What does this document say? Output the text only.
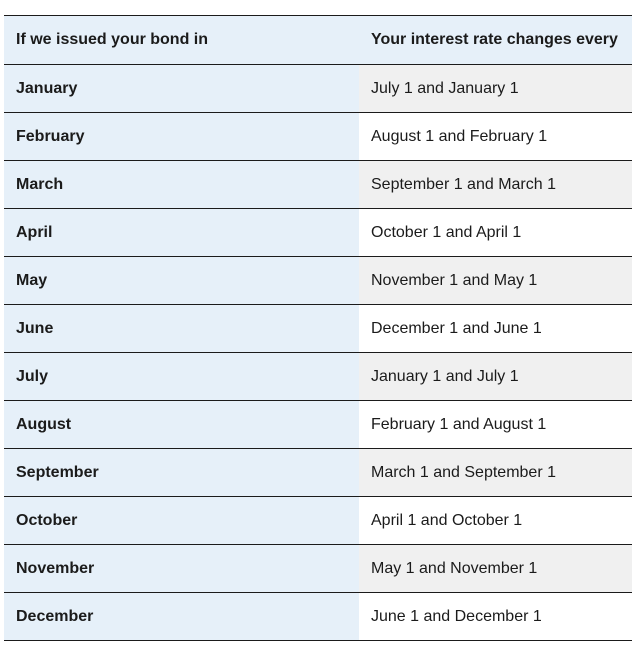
If we issued your bond in	Your interest rate changes every
January	July 1 and January 1
February	August 1 and February 1
March	September 1 and March 1
April	October 1 and April 1
May	November 1 and May 1
June	December 1 and June 1
July	January 1 and July 1
August	February 1 and August 1
September	March 1 and September 1
October	April 1 and October 1
November	May 1 and November 1
December	June 1 and December 1
